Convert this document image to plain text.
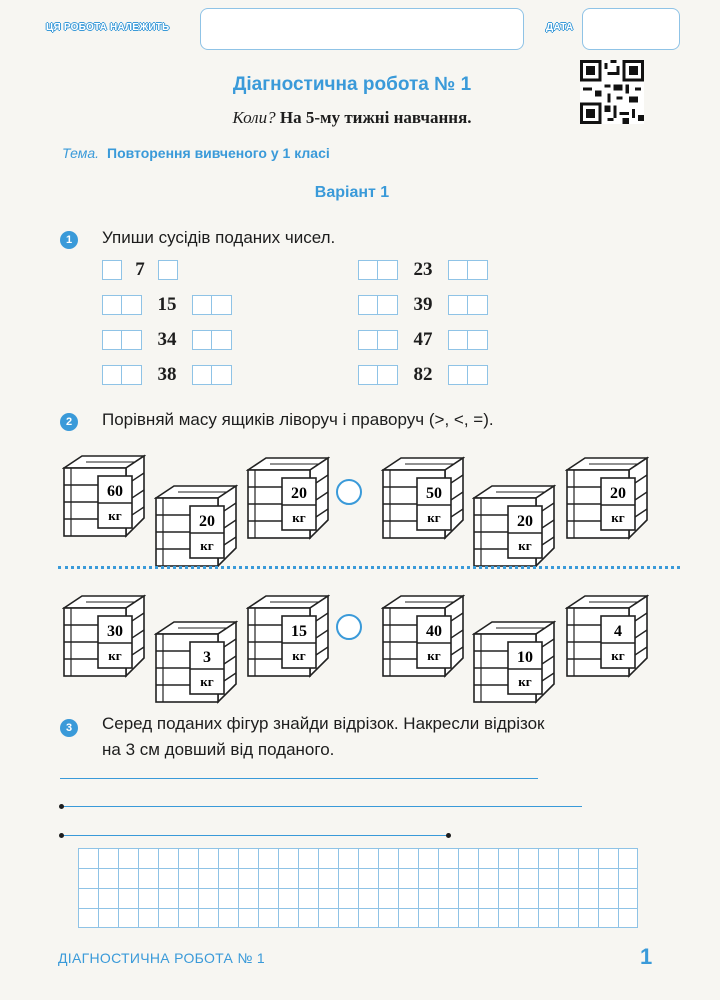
ЦЯ РОБОТА НАЛЕЖИТЬ	ДАТА
Діагностична робота № 1
Коли? На 5-му тижні навчання.
Тема. Повторення вивченого у 1 класі
Варіант 1
1	Упиши сусідів поданих чисел.
7
15
34
38
23
39
47
82
2	Порівняй масу ящиків ліворуч і праворуч (>, <, =).
60
кг	20
кг
20
кг
50
кг	20
кг
20
кг
30
кг	3
кг
15
кг
40
кг	10
кг
4
кг
3	Серед поданих фігур знайди відрізок. Накресли відрізок
на 3 см довший від поданого.
ДІАГНОСТИЧНА РОБОТА № 1	1
